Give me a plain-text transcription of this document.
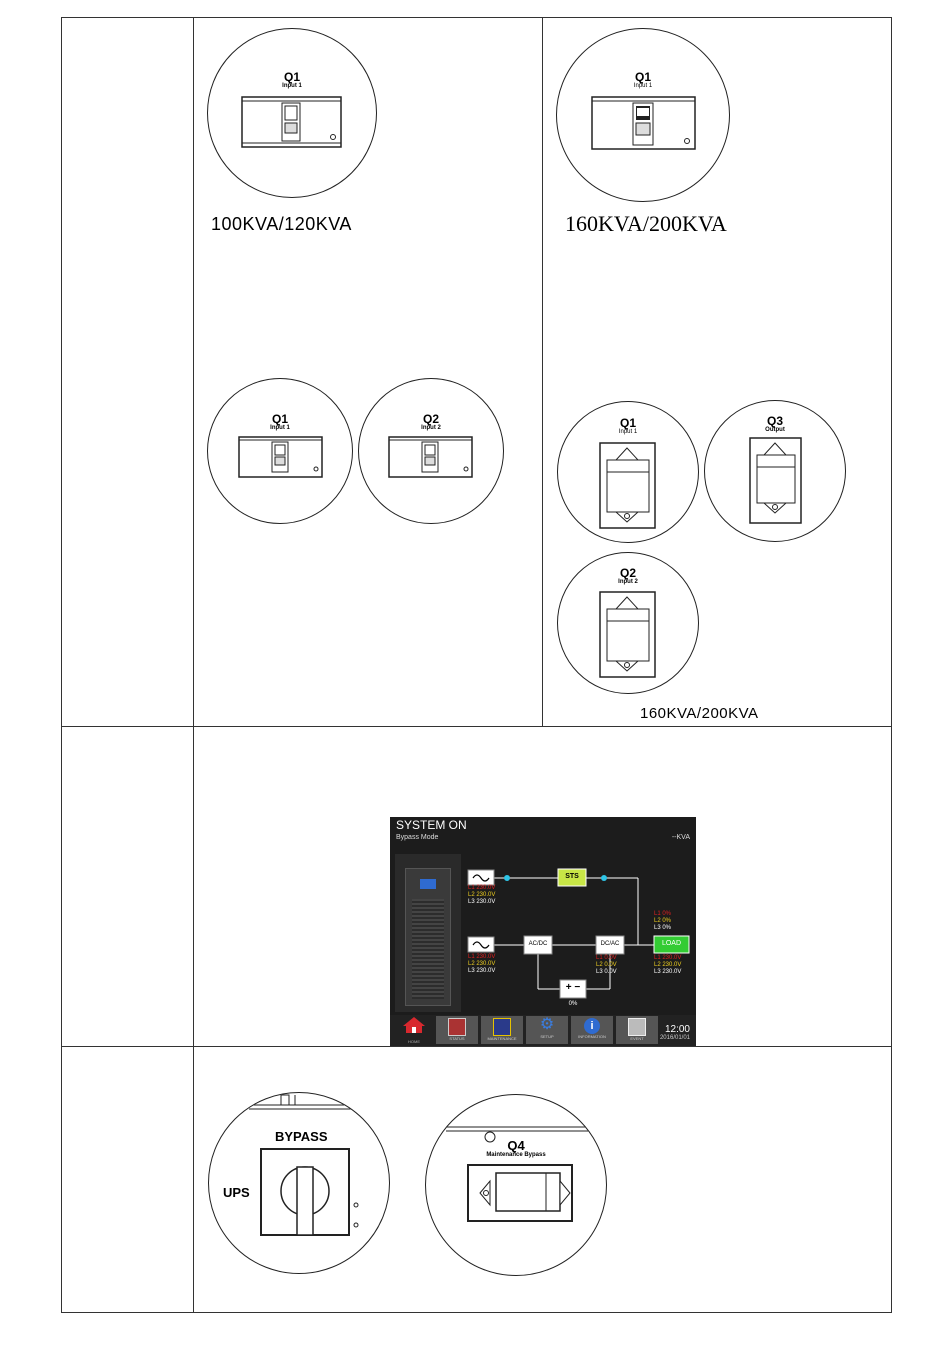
Q1
Input 1
100KVA/120KVA
Q1
Input 1
Q2
Input 2
Q1
Input 1
160KVA/200KVA
Q1
Input 1
Q3
Output
Q2
Input 2
160KVA/200KVA
SYSTEM ON
Bypass Mode	--KVA
STS
LOAD
AC/DC	DC/AC
+ −
0%
L1 230.0V
L2 230.0V
L3 230.0V
L1 230.0V
L2 230.0V
L3 230.0V
L1 0.0V
L2 0.0V
L3 0.0V
L1 0%
L2 0%
L3 0%
L1 230.0V
L2 230.0V
L3 230.0V
HOME
STATUS	MAINTENANCE
⚙
SETUP
i
INFORMATION	EVENT
12:00
2016/01/01
BYPASS
UPS
Q4
Maintenance Bypass
